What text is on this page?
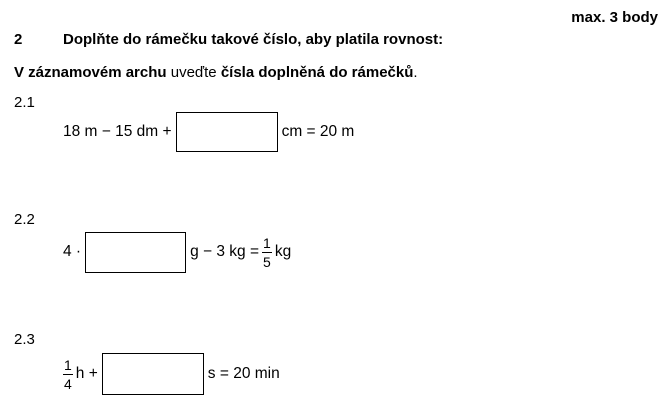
max. 3 body
2	Doplňte do rámečku takové číslo, aby platila rovnost:
V záznamovém archu uveďte čísla doplněná do rámečků.
2.1
18 m − 15 dm +	cm = 20 m
2.2
4 ·	g − 3 kg = $\frac{1}{5}$ kg
2.3
$\frac{1}{4}$ h +	s = 20 min
